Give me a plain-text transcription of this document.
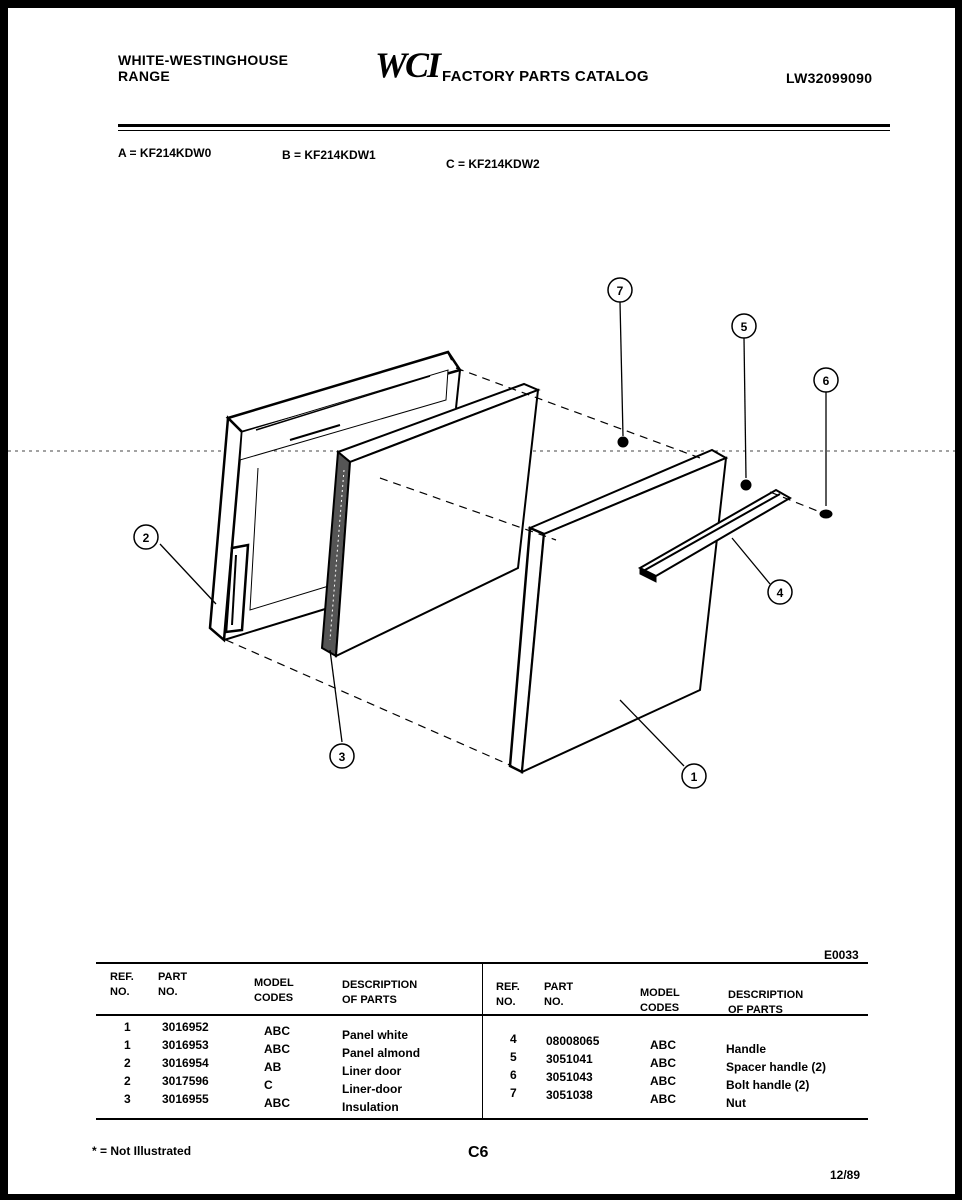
WHITE-WESTINGHOUSE
RANGE	WCI FACTORY PARTS CATALOG	LW32099090
A = KF214KDW0	B = KF214KDW1
C = KF214KDW2
1
2
3
4
5
6
7
E0033
REF.
NO.
PART
NO.
MODEL
CODES
DESCRIPTION
OF PARTS
REF.
NO.
PART
NO.
MODEL
CODES
DESCRIPTION
OF PARTS
1	3016952	ABC	Panel white
1	3016953	ABC	Panel almond
2	3016954	AB	Liner door
2	3017596	C	Liner-door
3	3016955	ABC	Insulation
4 08008065	ABC	Handle
5 3051041	ABC	Spacer handle (2)
6 3051043	ABC	Bolt handle (2)
7 3051038	ABC	Nut
* = Not Illustrated	C6
12/89
